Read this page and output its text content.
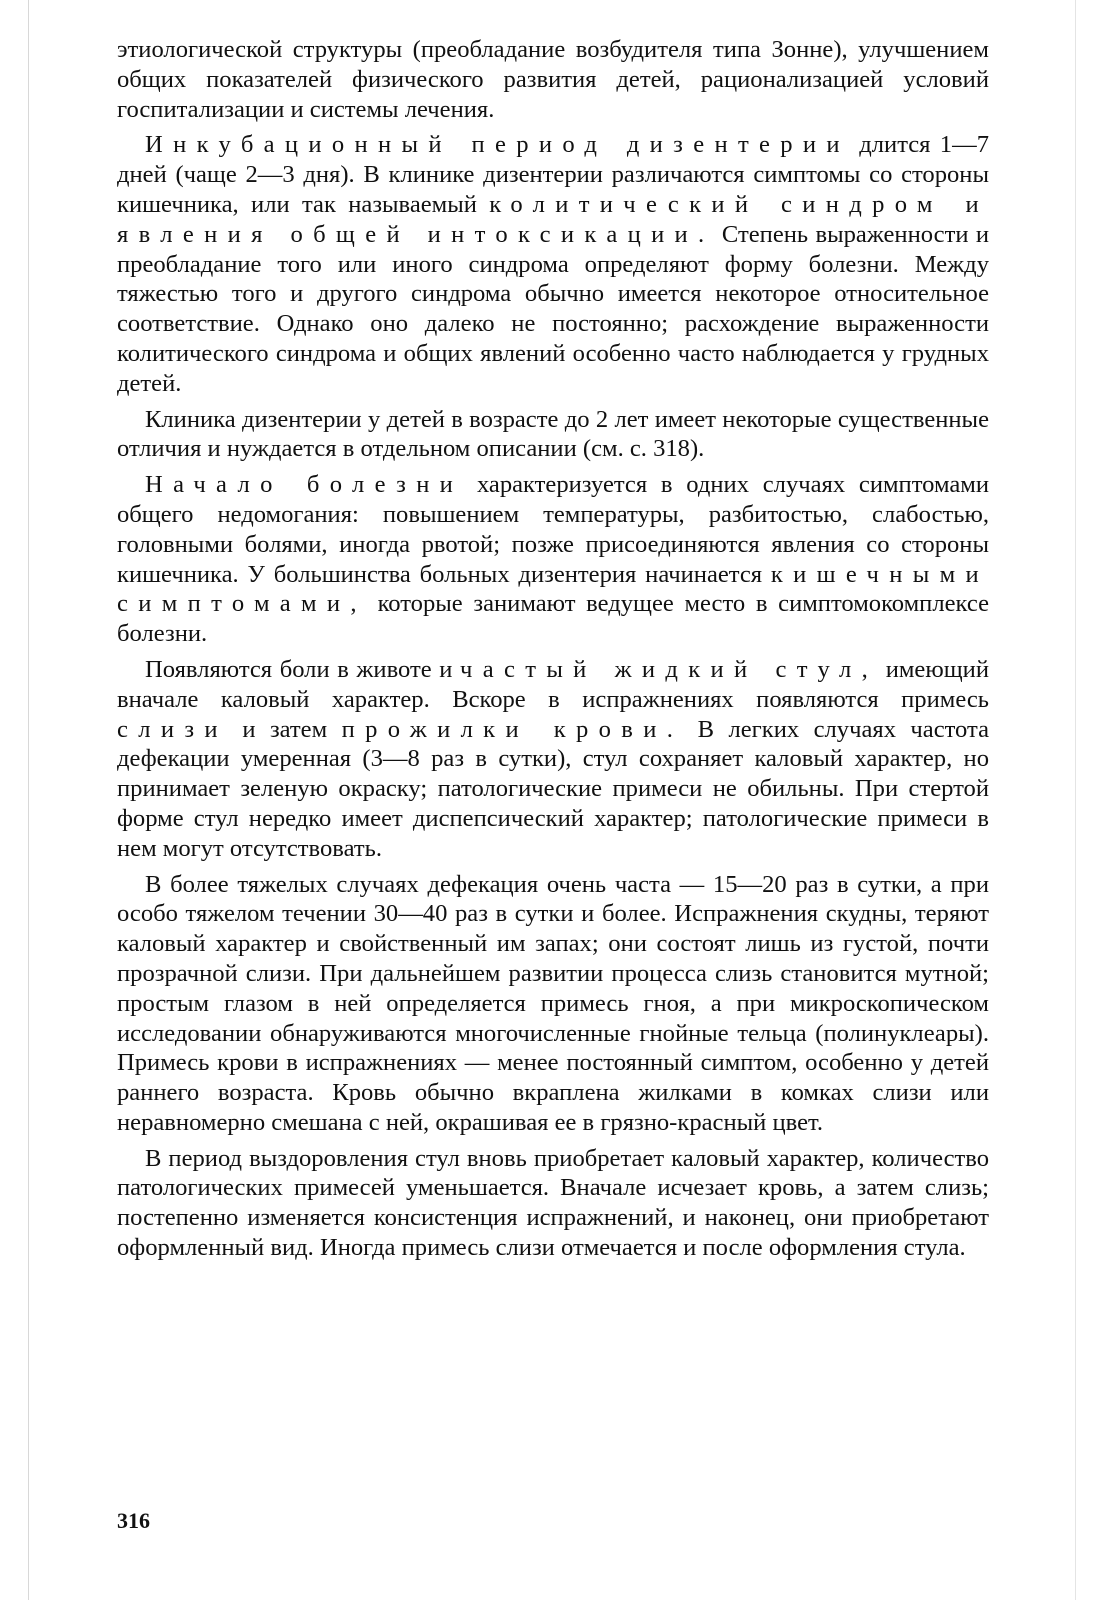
этиологической структуры (преобладание возбудителя типа Зонне), улучшением общих показателей физического развития детей, рационализацией условий госпитализации и системы лечения.

Инкубационный период дизентерии длится 1—7 дней (чаще 2—3 дня). В клинике дизентерии различаются симптомы со стороны кишечника, или так называемый колитический синдром и явления общей интоксикации. Степень выраженности и преобладание того или иного синдрома определяют форму болезни. Между тяжестью того и другого синдрома обычно имеется некоторое относительное соответствие. Однако оно далеко не постоянно; расхождение выраженности колитического синдрома и общих явлений особенно часто наблюдается у грудных детей.

Клиника дизентерии у детей в возрасте до 2 лет имеет некоторые существенные отличия и нуждается в отдельном описании (см. с. 318).

Начало болезни характеризуется в одних случаях симптомами общего недомогания: повышением температуры, разбитостью, слабостью, головными болями, иногда рвотой; позже присоединяются явления со стороны кишечника. У большинства больных дизентерия начинается кишечными симптомами, которые занимают ведущее место в симптомокомплексе болезни.

Появляются боли в животе и частый жидкий стул, имеющий вначале каловый характер. Вскоре в испражнениях появляются примесь слизи и затем прожилки крови. В легких случаях частота дефекации умеренная (3—8 раз в сутки), стул сохраняет каловый характер, но принимает зеленую окраску; патологические примеси не обильны. При стертой форме стул нередко имеет диспепсический характер; патологические примеси в нем могут отсутствовать.

В более тяжелых случаях дефекация очень часта — 15—20 раз в сутки, а при особо тяжелом течении 30—40 раз в сутки и более. Испражнения скудны, теряют каловый характер и свойственный им запах; они состоят лишь из густой, почти прозрачной слизи. При дальнейшем развитии процесса слизь становится мутной; простым глазом в ней определяется примесь гноя, а при микроскопическом исследовании обнаруживаются многочисленные гнойные тельца (полинуклеары). Примесь крови в испражнениях — менее постоянный симптом, особенно у детей раннего возраста. Кровь обычно вкраплена жилками в комках слизи или неравномерно смешана с ней, окрашивая ее в грязно-красный цвет.

В период выздоровления стул вновь приобретает каловый характер, количество патологических примесей уменьшается. Вначале исчезает кровь, а затем слизь; постепенно изменяется консистенция испражнений, и наконец, они приобретают оформленный вид. Иногда примесь слизи отмечается и после оформления стула.

316
